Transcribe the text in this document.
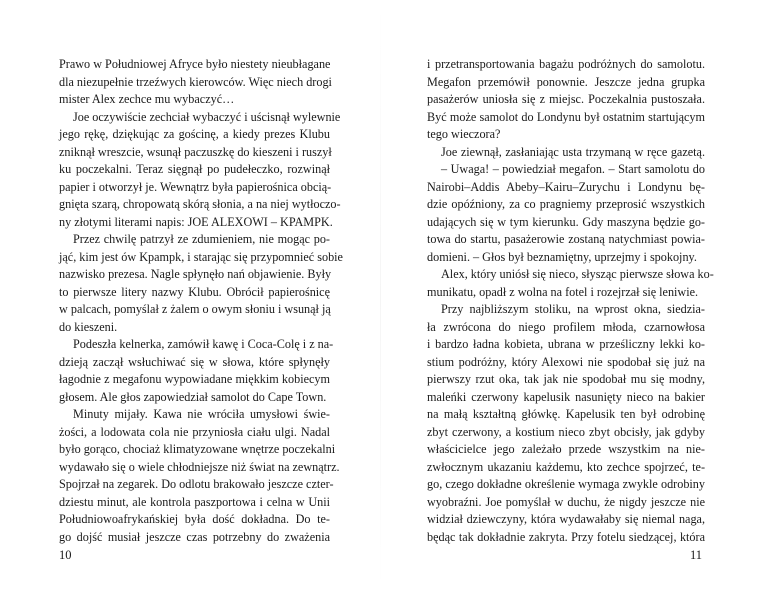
Prawo w Południowej Afryce było niestety nieubłagane
dla niezupełnie trzeźwych kierowców. Więc niech drogi
mister Alex zechce mu wybaczyć…
Joe oczywiście zechciał wybaczyć i uścisnął wylewnie
jego rękę, dziękując za gościnę, a kiedy prezes Klubu
zniknął wreszcie, wsunął paczuszkę do kieszeni i ruszył
ku poczekalni. Teraz sięgnął po pudełeczko, rozwinął
papier i otworzył je. Wewnątrz była papierośnica obcią-
gnięta szarą, chropowatą skórą słonia, a na niej wytłoczo-
ny złotymi literami napis: JOE ALEXOWI – KPAMPK.
Przez chwilę patrzył ze zdumieniem, nie mogąc po-
jąć, kim jest ów Kpampk, i starając się przypomnieć sobie
nazwisko prezesa. Nagle spłynęło nań objawienie. Były
to pierwsze litery nazwy Klubu. Obrócił papierośnicę
w palcach, pomyślał z żalem o owym słoniu i wsunął ją
do kieszeni.
Podeszła kelnerka, zamówił kawę i Coca-Colę i z na-
dzieją zaczął wsłuchiwać się w słowa, które spłynęły
łagodnie z megafonu wypowiadane miękkim kobiecym
głosem. Ale głos zapowiedział samolot do Cape Town.
Minuty mijały. Kawa nie wróciła umysłowi świe-
żości, a lodowata cola nie przyniosła ciału ulgi. Nadal
było gorąco, chociaż klimatyzowane wnętrze poczekalni
wydawało się o wiele chłodniejsze niż świat na zewnątrz.
Spojrzał na zegarek. Do odlotu brakowało jeszcze czter-
dziestu minut, ale kontrola paszportowa i celna w Unii
Południowoafrykańskiej była dość dokładna. Do te-
go dojść musiał jeszcze czas potrzebny do zważenia
10
i przetransportowania bagażu podróżnych do samolotu.
Megafon przemówił ponownie. Jeszcze jedna grupka
pasażerów uniosła się z miejsc. Poczekalnia pustoszała.
Być może samolot do Londynu był ostatnim startującym
tego wieczora?
Joe ziewnął, zasłaniając usta trzymaną w ręce gazetą.
– Uwaga! – powiedział megafon. – Start samolotu do
Nairobi–Addis Abeby–Kairu–Zurychu i Londynu bę-
dzie opóźniony, za co pragniemy przeprosić wszystkich
udających się w tym kierunku. Gdy maszyna będzie go-
towa do startu, pasażerowie zostaną natychmiast powia-
domieni. – Głos był beznamiętny, uprzejmy i spokojny.
Alex, który uniósł się nieco, słysząc pierwsze słowa ko-
munikatu, opadł z wolna na fotel i rozejrzał się leniwie.
Przy najbliższym stoliku, na wprost okna, siedzia-
ła zwrócona do niego profilem młoda, czarnowłosa
i bardzo ładna kobieta, ubrana w prześliczny lekki ko-
stium podróżny, który Alexowi nie spodobał się już na
pierwszy rzut oka, tak jak nie spodobał mu się modny,
maleńki czerwony kapelusik nasunięty nieco na bakier
na małą kształtną główkę. Kapelusik ten był odrobinę
zbyt czerwony, a kostium nieco zbyt obcisły, jak gdyby
właścicielce jego zależało przede wszystkim na nie-
zwłocznym ukazaniu każdemu, kto zechce spojrzeć, te-
go, czego dokładne określenie wymaga zwykle odrobiny
wyobraźni. Joe pomyślał w duchu, że nigdy jeszcze nie
widział dziewczyny, która wydawałaby się niemal naga,
będąc tak dokładnie zakryta. Przy fotelu siedzącej, która
11
